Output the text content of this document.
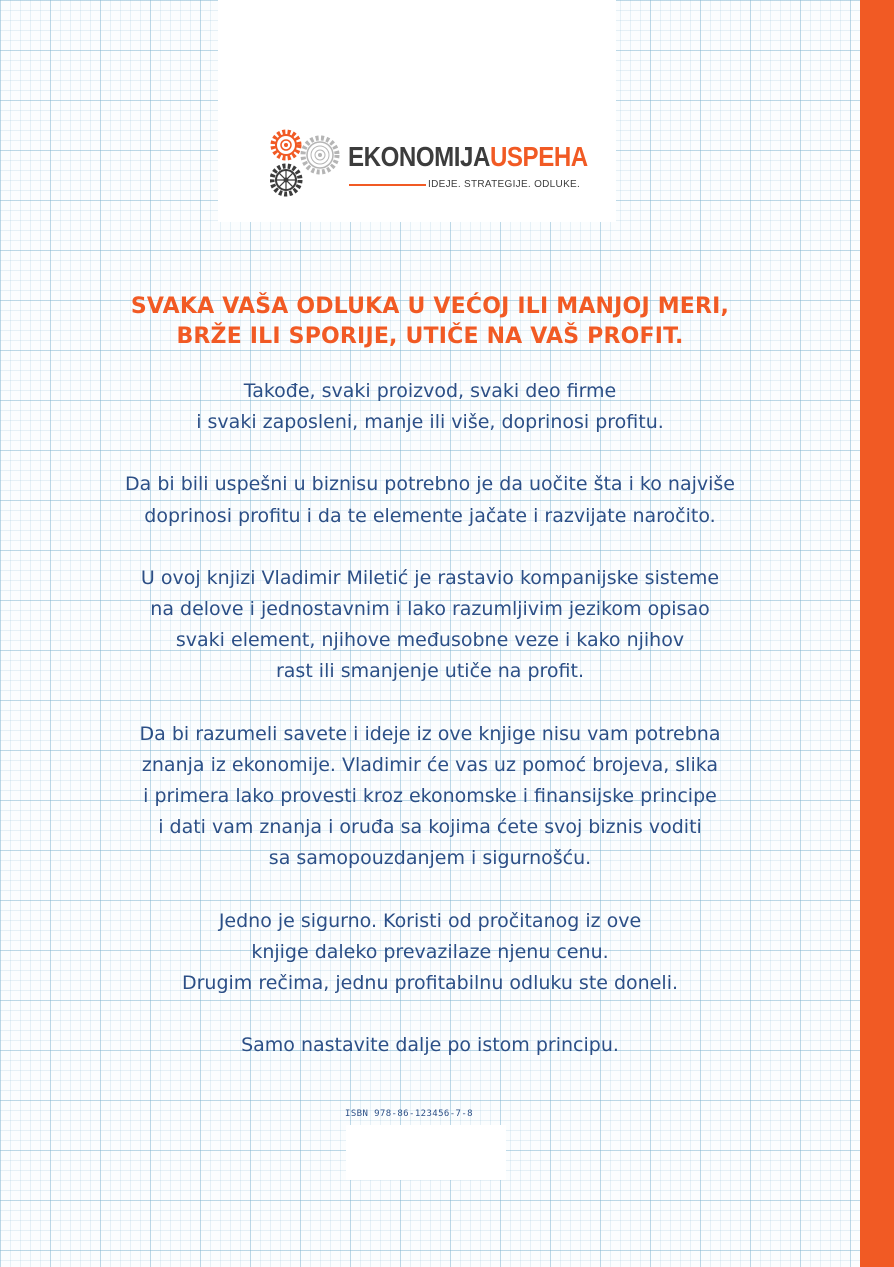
EKONOMIJAUSPEHA
IDEJE. STRATEGIJE. ODLUKE.
SVAKA VAŠA ODLUKA U VEĆOJ ILI MANJOJ MERI,
BRŽE ILI SPORIJE, UTIČE NA VAŠ PROFIT.

Takođe, svaki proizvod, svaki deo firme
i svaki zaposleni, manje ili više, doprinosi profitu.

Da bi bili uspešni u biznisu potrebno je da uočite šta i ko najviše
doprinosi profitu i da te elemente jačate i razvijate naročito.

U ovoj knjizi Vladimir Miletić je rastavio kompanijske sisteme
na delove i jednostavnim i lako razumljivim jezikom opisao
svaki element, njihove međusobne veze i kako njihov
rast ili smanjenje utiče na profit.

Da bi razumeli savete i ideje iz ove knjige nisu vam potrebna
znanja iz ekonomije. Vladimir će vas uz pomoć brojeva, slika
i primera lako provesti kroz ekonomske i finansijske principe
i dati vam znanja i oruđa sa kojima ćete svoj biznis voditi
sa samopouzdanjem i sigurnošću.

Jedno je sigurno. Koristi od pročitanog iz ove
knjige daleko prevazilaze njenu cenu.
Drugim rečima, jednu profitabilnu odluku ste doneli.

Samo nastavite dalje po istom principu.

ISBN 978-86-123456-7-8
